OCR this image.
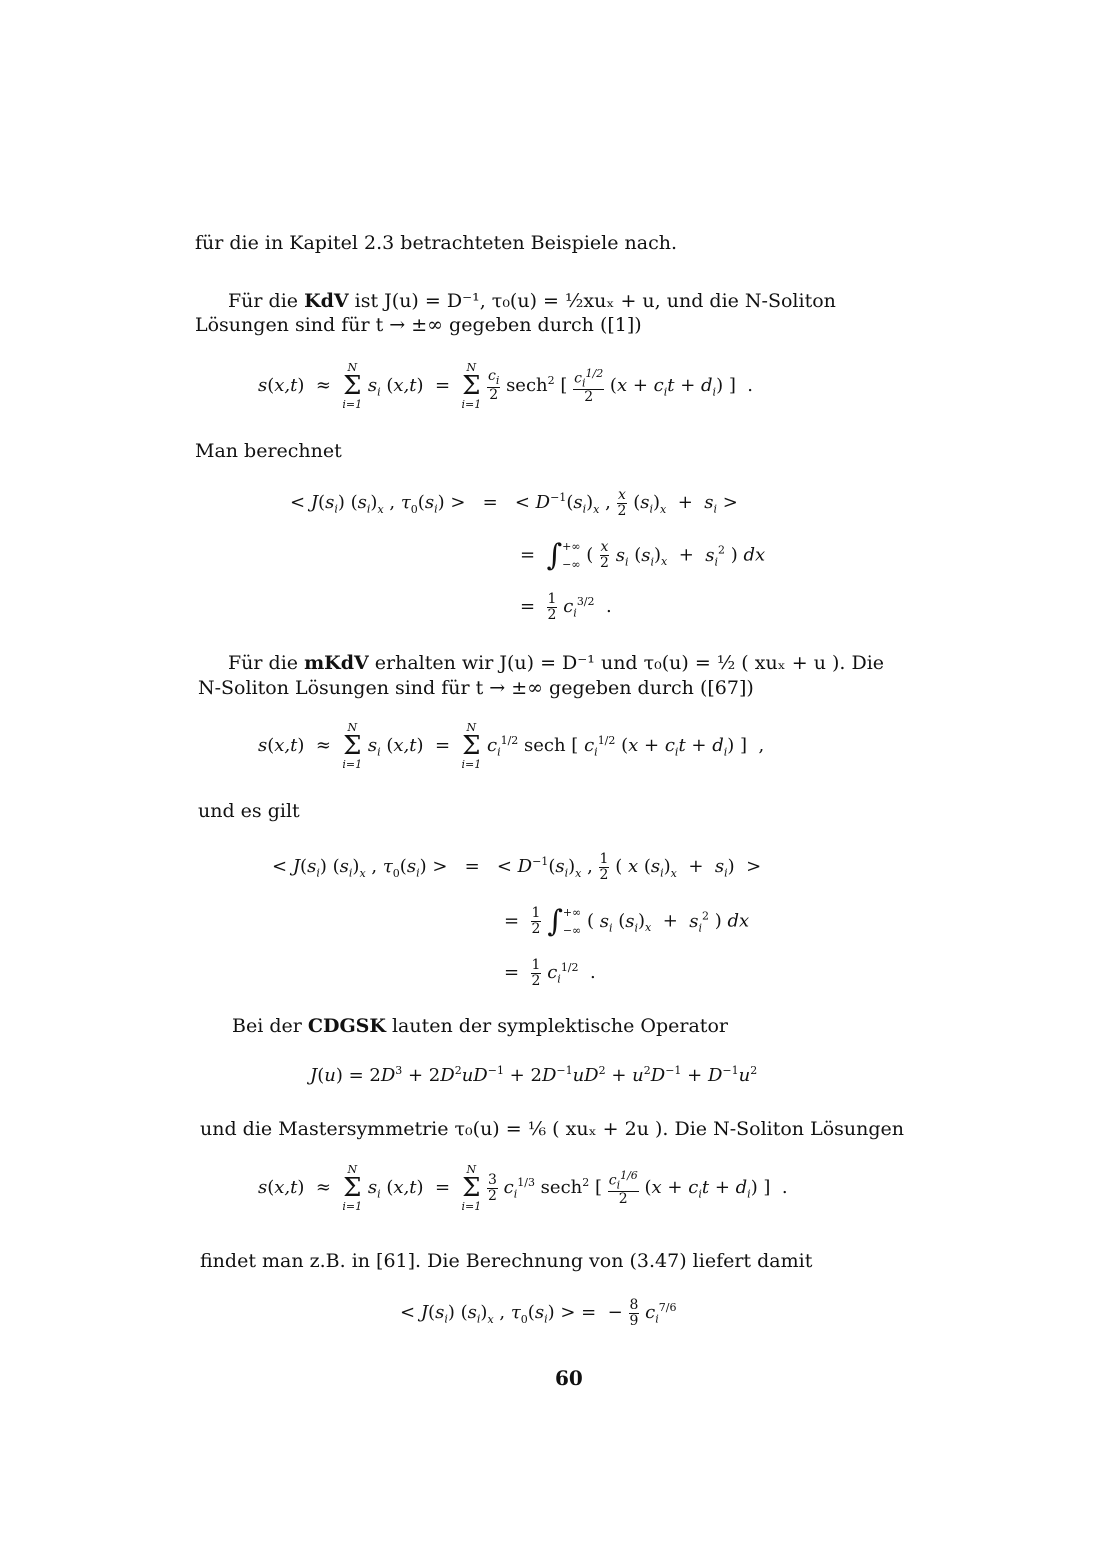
für die in Kapitel 2.3 betrachteten Beispiele nach.
Für die KdV ist J(u) = D⁻¹, τ₀(u) = ½xuₓ + u, und die N-Soliton
Lösungen sind für t → ±∞ gegeben durch ([1])
s(x,t)  ≈
N
Σ
i=1
$s_i$ (x,t)  =
N
Σ
i=1

$\frac{c_i}{2} \sec h^2$ [ $\frac{c_i^{1/2}}{2} (x + c_it + d_i)$ ]  .
Man berechnet
< $J(s_i)$ $(s_i)_x$ , $\tau_0(s_i)$ >   =   < $D^{-1}(s_i)_x$ , $\frac{x}{2} (s_i)_x + s_i$ >
= ∫ +∞
−∞ ( $\frac{x}{2} s_i$ $(s_i)_x + s_i^2$ ) dx
= $\frac{1}{2} c_i^{3/2}$  .
Für die mKdV erhalten wir J(u) = D⁻¹ und τ₀(u) = ½ ( xuₓ + u ). Die
N-Soliton Lösungen sind für t → ±∞ gegeben durch ([67])
s(x,t)  ≈
N
Σ
i=1
$s_i$ (x,t)  =
N
Σ
i=1
$c_i^{1/2}$ sech [ $c_i^{1/2}$ $(x + c_it + d_i)$ ]  ,
und es gilt
< $J(s_i)$ $(s_i)_x$ , $\tau_0(s_i)$ >   =   < $D^{-1}(s_i)_x$ , $\frac{1}{2}$ ( x $(s_i)_x + s_i$)  >
= $\frac{1}{2}$
∫ +∞
−∞ ( $s_i$ $(s_i)_x + s_i^2$ ) dx
= $\frac{1}{2} c_i^{1/2}$  .
Bei der CDGSK lauten der symplektische Operator
$J(u) = 2D^3 + 2D^2uD^{-1} + 2D^{-1}uD^2 + u^2D^{-1} + D^{-1}u^2$
und die Mastersymmetrie τ₀(u) = ⅙ ( xuₓ + 2u ). Die N-Soliton Lösungen
s(x,t)  ≈
N
Σ
i=1
$s_i$ (x,t)  =
N
Σ
i=1

$\frac{3}{2} c_i^{1/3}$ sech$^2$ [ $\frac{c_i^{1/6}}{2} (x + c_it + d_i)$ ]  .
findet man z.B. in [61]. Die Berechnung von (3.47) liefert damit
< $J(s_i)$ $(s_i)_x$ , $\tau_0(s_i)$ > =  − $\frac{8}{9} c_i^{7/6}$
60
